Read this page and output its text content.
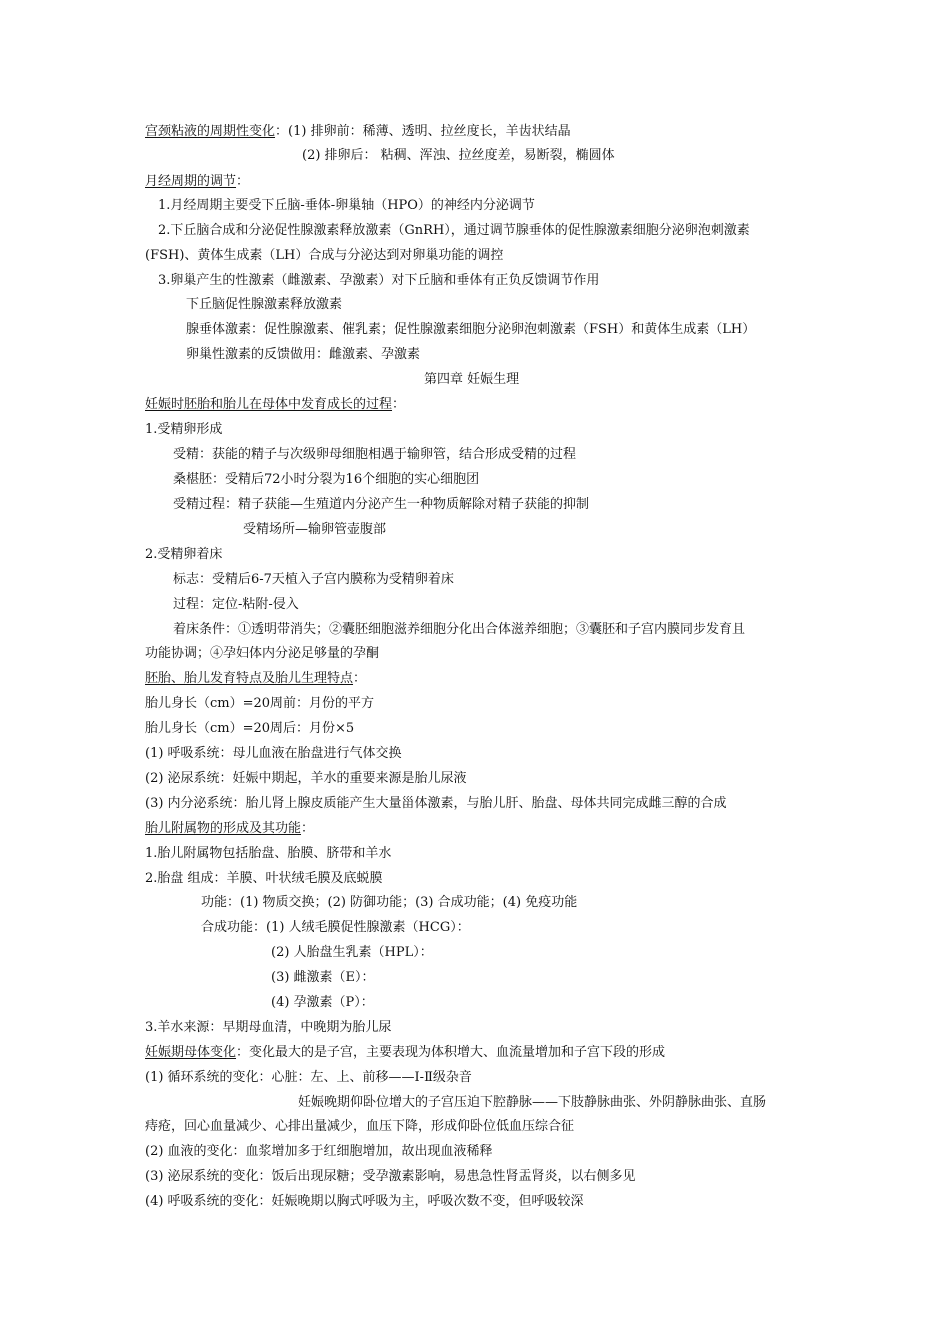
宫颈粘液的周期性变化：(1) 排卵前：稀薄、透明、拉丝度长，羊齿状结晶
(2) 排卵后： 粘稠、浑浊、拉丝度差，易断裂，椭圆体
月经周期的调节：
1.月经周期主要受下丘脑-垂体-卵巢轴（HPO）的神经内分泌调节
2.下丘脑合成和分泌促性腺激素释放激素（GnRH），通过调节腺垂体的促性腺激素细胞分泌卵泡刺激素
(FSH)、黄体生成素（LH）合成与分泌达到对卵巢功能的调控
3.卵巢产生的性激素（雌激素、孕激素）对下丘脑和垂体有正负反馈调节作用
下丘脑促性腺激素释放激素
腺垂体激素：促性腺激素、催乳素；促性腺激素细胞分泌卵泡刺激素（FSH）和黄体生成素（LH）
卵巢性激素的反馈做用：雌激素、孕激素
第四章 妊娠生理
妊娠时胚胎和胎儿在母体中发育成长的过程：
1.受精卵形成
受精：获能的精子与次级卵母细胞相遇于输卵管，结合形成受精的过程
桑椹胚：受精后72小时分裂为16个细胞的实心细胞团
受精过程：精子获能—生殖道内分泌产生一种物质解除对精子获能的抑制
受精场所—输卵管壶腹部
2.受精卵着床
标志：受精后6-7天植入子宫内膜称为受精卵着床
过程：定位-粘附-侵入
着床条件：①透明带消失；②囊胚细胞滋养细胞分化出合体滋养细胞；③囊胚和子宫内膜同步发育且
功能协调；④孕妇体内分泌足够量的孕酮
胚胎、胎儿发育特点及胎儿生理特点：
胎儿身长（cm）=20周前：月份的平方
胎儿身长（cm）=20周后：月份×5
(1) 呼吸系统：母儿血液在胎盘进行气体交换
(2) 泌尿系统：妊娠中期起，羊水的重要来源是胎儿尿液
(3) 内分泌系统：胎儿肾上腺皮质能产生大量甾体激素，与胎儿肝、胎盘、母体共同完成雌三醇的合成
胎儿附属物的形成及其功能：
1.胎儿附属物包括胎盘、胎膜、脐带和羊水
2.胎盘 组成：羊膜、叶状绒毛膜及底蜕膜
功能：(1) 物质交换；(2) 防御功能；(3) 合成功能；(4) 免疫功能
合成功能：(1) 人绒毛膜促性腺激素（HCG）：
(2) 人胎盘生乳素（HPL）：
(3) 雌激素（E）：
(4) 孕激素（P）：
3.羊水来源：早期母血清，中晚期为胎儿尿
妊娠期母体变化：变化最大的是子宫，主要表现为体积增大、血流量增加和子宫下段的形成
(1) 循环系统的变化：心脏：左、上、前移——Ⅰ-Ⅱ级杂音
妊娠晚期仰卧位增大的子宫压迫下腔静脉——下肢静脉曲张、外阴静脉曲张、直肠
痔疮，回心血量减少、心排出量减少，血压下降，形成仰卧位低血压综合征
(2) 血液的变化：血浆增加多于红细胞增加，故出现血液稀释
(3) 泌尿系统的变化：饭后出现尿糖；受孕激素影响，易患急性肾盂肾炎，以右侧多见
(4) 呼吸系统的变化：妊娠晚期以胸式呼吸为主，呼吸次数不变，但呼吸较深
